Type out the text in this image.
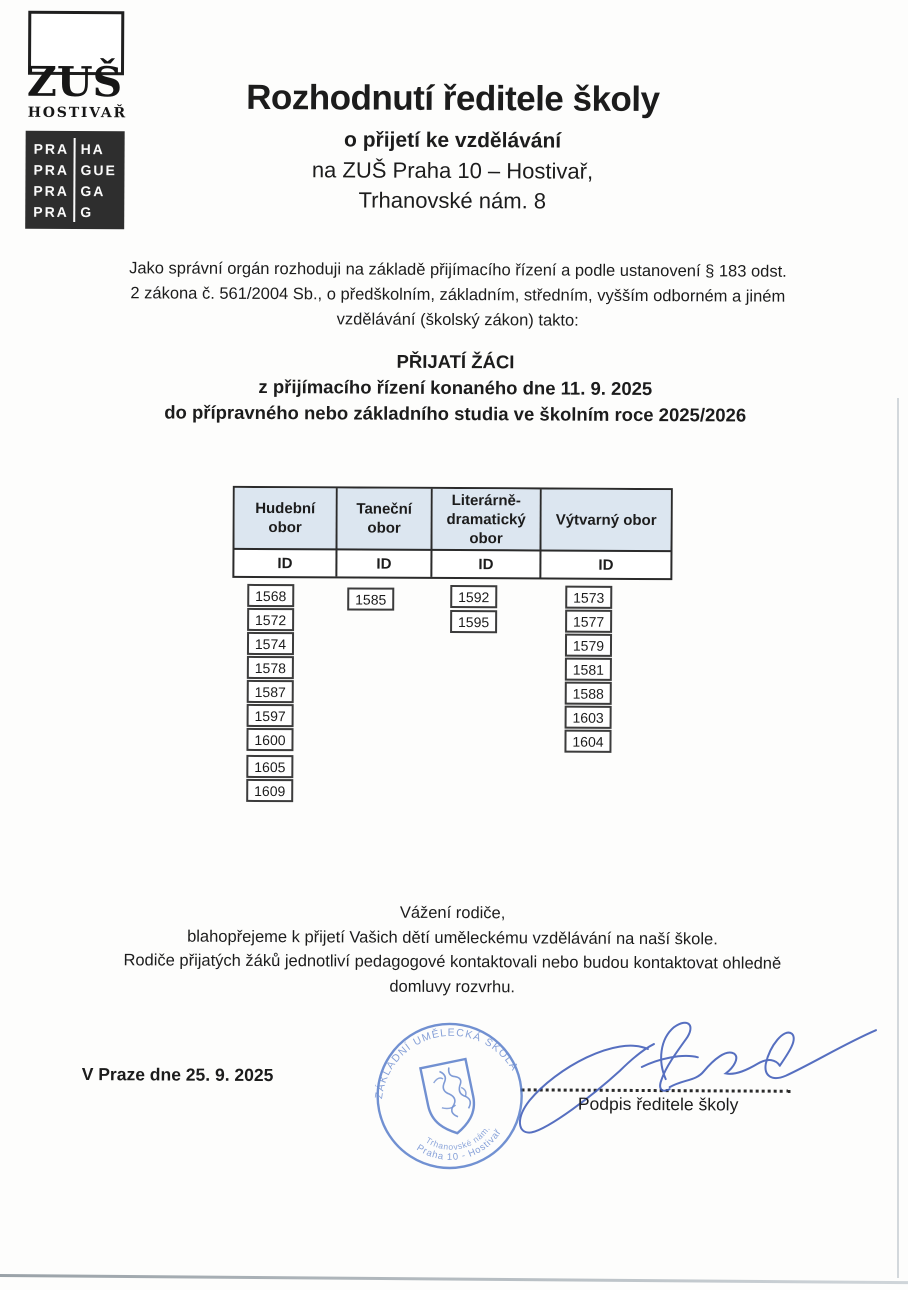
ZUŠ
HOSTIVAŘ
PRA HA
PRA GUE
PRA GA
PRA G
Rozhodnutí ředitele školy
o přijetí ke vzdělávání
na ZUŠ Praha 10 – Hostivař,
Trhanovské nám. 8
Jako správní orgán rozhoduji na základě přijímacího řízení a podle ustanovení § 183 odst.
2 zákona č. 561/2004 Sb., o předškolním, základním, středním, vyšším odborném a jiném
vzdělávání (školský zákon) takto:
PŘIJATÍ ŽÁCI
z přijímacího řízení konaného dne 11. 9. 2025
do přípravného nebo základního studia ve školním roce 2025/2026
Hudební
obor
ID
Taneční
obor
ID
Literárně-
dramatický
obor
ID
Výtvarný obor
ID
1568
1572
1574
1578
1587
1597
1600
1605
1609
1585	1592
1595
1573
1577
1579
1581
1588
1603
1604
Vážení rodiče,
blahopřejeme k přijetí Vašich dětí uměleckému vzdělávání na naší škole.
Rodiče přijatých žáků jednotliví pedagogové kontaktovali nebo budou kontaktovat ohledně
domluvy rozvrhu.
V Praze dne 25. 9. 2025
ZÁKLADNÍ UMĚLECKÁ ŠKOLA
Praha 10 - Hostivař
Trhanovské nám.
Podpis ředitele školy
